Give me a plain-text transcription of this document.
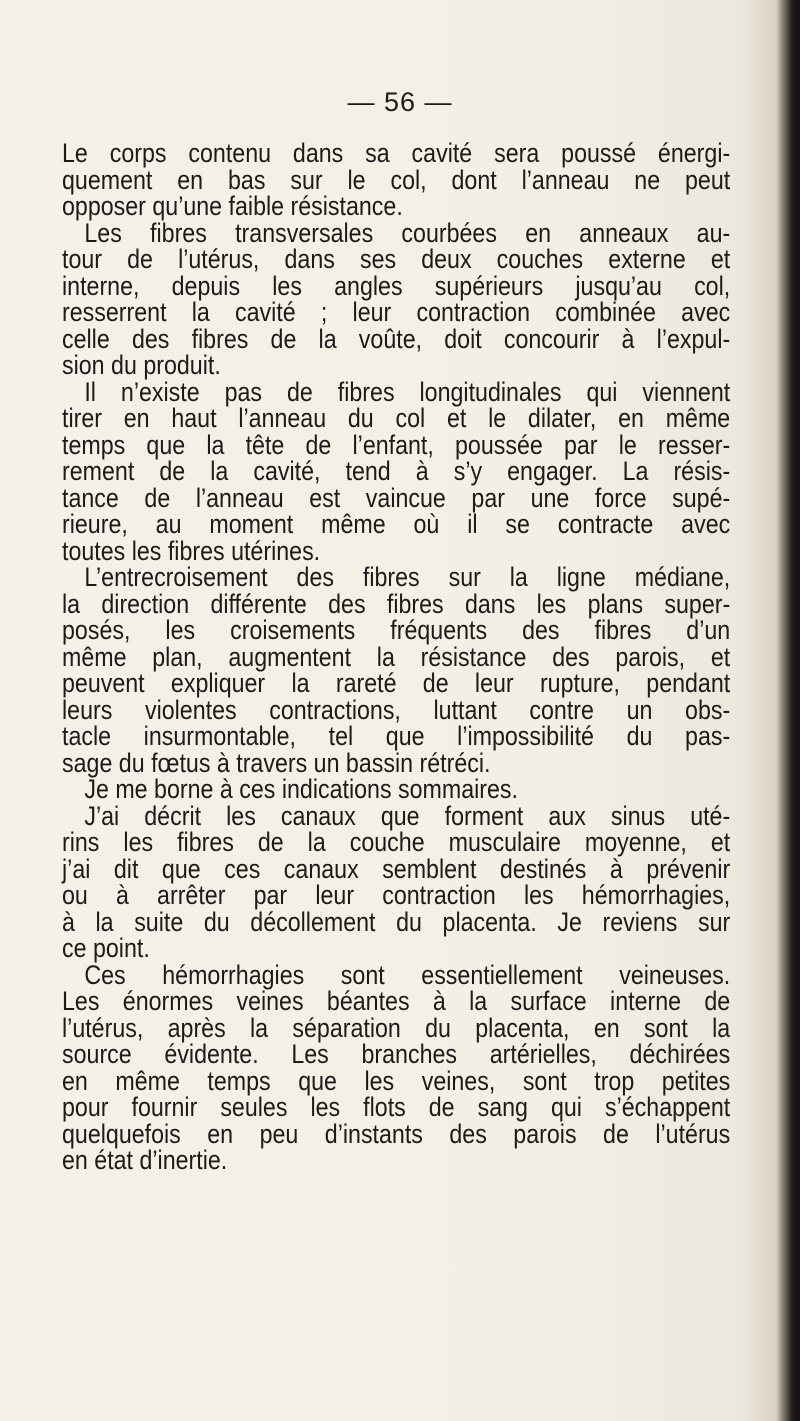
— 56 —
Le corps contenu dans sa cavité sera poussé énergi-
quement en bas sur le col, dont l’anneau ne peut
opposer qu’une faible résistance.
Les fibres transversales courbées en anneaux au-
tour de l’utérus, dans ses deux couches externe et
interne, depuis les angles supérieurs jusqu’au col,
resserrent la cavité ; leur contraction combinée avec
celle des fibres de la voûte, doit concourir à l’expul-
sion du produit.
Il n’existe pas de fibres longitudinales qui viennent
tirer en haut l’anneau du col et le dilater, en même
temps que la tête de l’enfant, poussée par le resser-
rement de la cavité, tend à s’y engager. La résis-
tance de l’anneau est vaincue par une force supé-
rieure, au moment même où il se contracte avec
toutes les fibres utérines.
L’entrecroisement des fibres sur la ligne médiane,
la direction différente des fibres dans les plans super-
posés, les croisements fréquents des fibres d’un
même plan, augmentent la résistance des parois, et
peuvent expliquer la rareté de leur rupture, pendant
leurs violentes contractions, luttant contre un obs-
tacle insurmontable, tel que l’impossibilité du pas-
sage du fœtus à travers un bassin rétréci.
Je me borne à ces indications sommaires.
J’ai décrit les canaux que forment aux sinus uté-
rins les fibres de la couche musculaire moyenne, et
j’ai dit que ces canaux semblent destinés à prévenir
ou à arrêter par leur contraction les hémorrhagies,
à la suite du décollement du placenta. Je reviens sur
ce point.
Ces hémorrhagies sont essentiellement veineuses.
Les énormes veines béantes à la surface interne de
l’utérus, après la séparation du placenta, en sont la
source évidente. Les branches artérielles, déchirées
en même temps que les veines, sont trop petites
pour fournir seules les flots de sang qui s’échappent
quelquefois en peu d’instants des parois de l’utérus
en état d’inertie.
